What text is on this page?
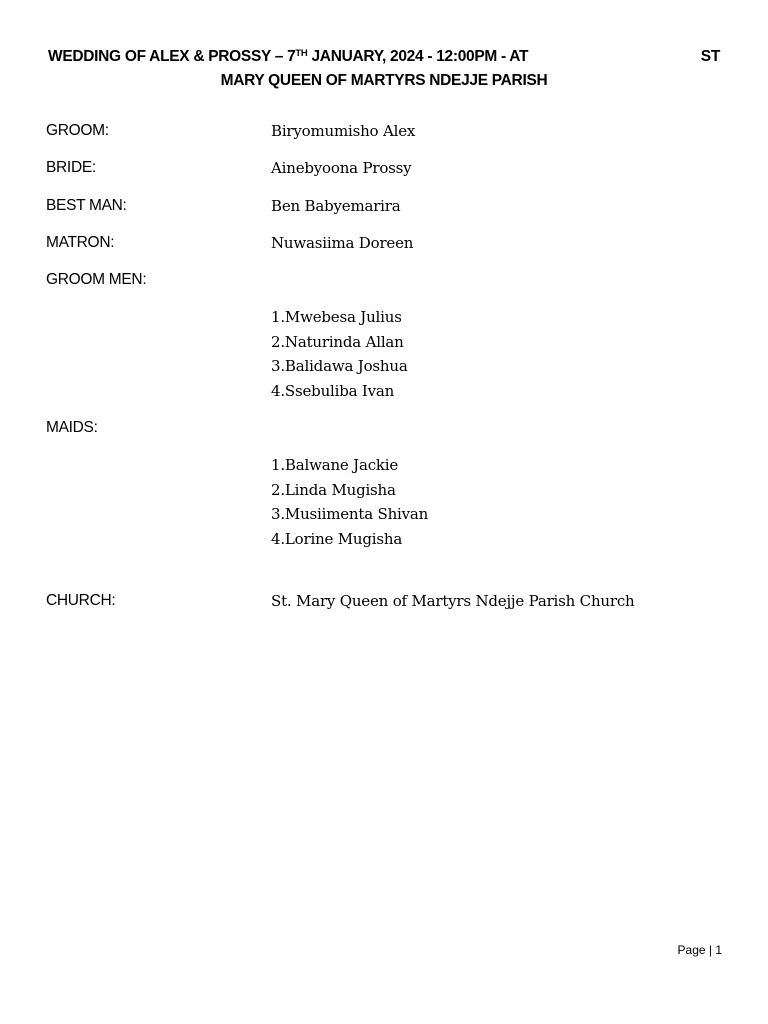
WEDDING OF ALEX & PROSSY – 7TH JANUARY, 2024 - 12:00PM - AT	ST
MARY QUEEN OF MARTYRS NDEJJE PARISH
GROOM:	Biryomumisho Alex
BRIDE:	Ainebyoona Prossy
BEST MAN:	Ben Babyemarira
MATRON:	Nuwasiima Doreen
GROOM MEN:
1.Mwebesa Julius
2.Naturinda Allan
3.Balidawa Joshua
4.Ssebuliba Ivan
MAIDS:
1.Balwane Jackie
2.Linda Mugisha
3.Musiimenta Shivan
4.Lorine Mugisha
CHURCH:	St. Mary Queen of Martyrs Ndejje Parish Church
Page | 1
